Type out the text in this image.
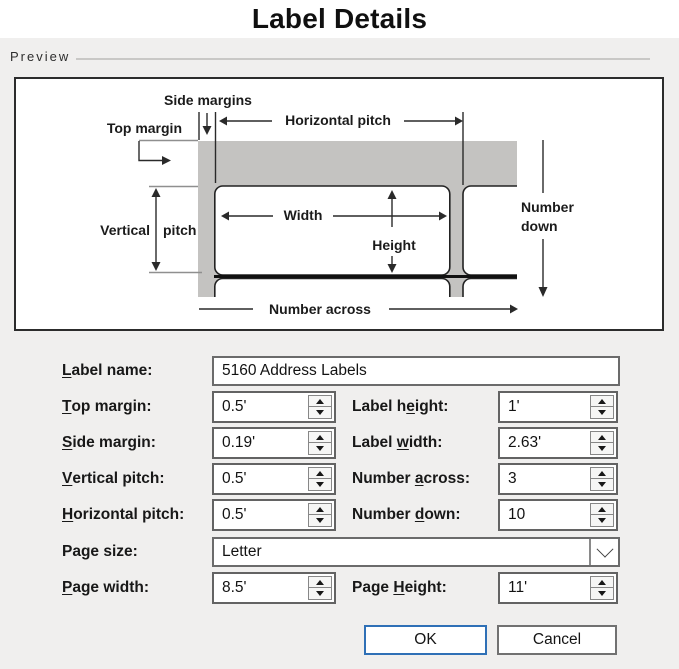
Label Details
Preview
Side margins
Top margin	Horizontal pitch
Vertical pitch
Width
Height
Number
down
Number across
L abel name:
5160 Address Labels
T op margin:
0.5'	Label h e ight:
1'
S ide margin:
0.19'	Label w idth:
2.63'
V ertical pitch:
0.5'	Number a cross:
3
H orizontal pitch:
0.5'	Number d own:
10
Page size:	Letter
P age width:
8.5'	Page H eight:
11'
OK	Cancel
